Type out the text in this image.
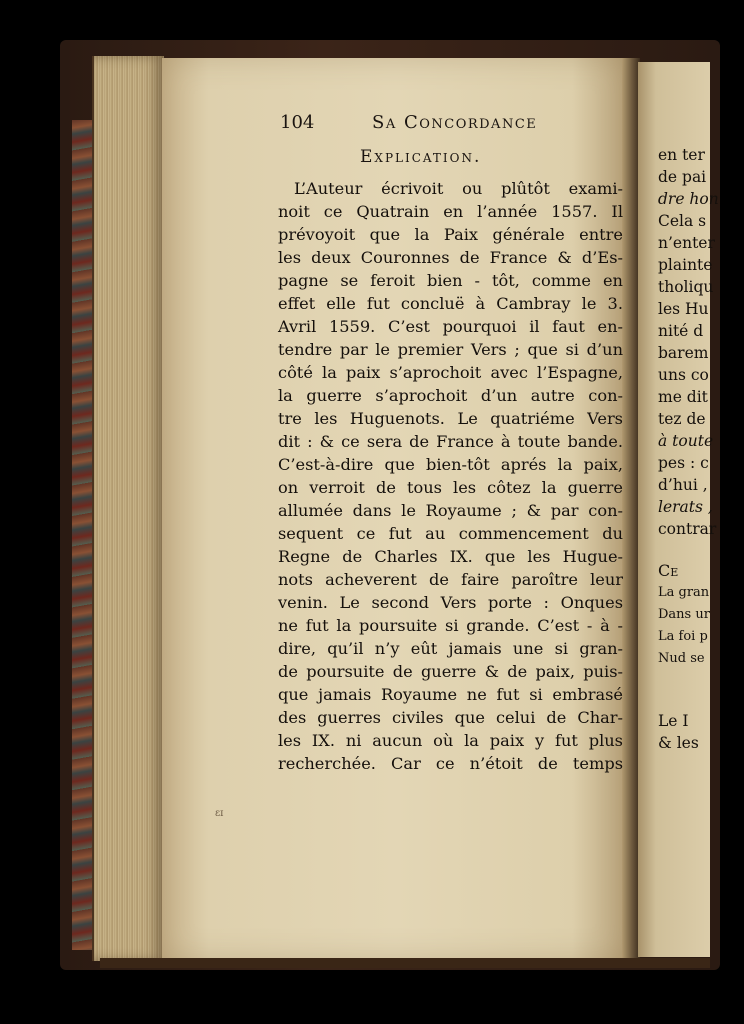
en ter
de pai
dre hon
Cela s
n’enter
plainte
tholiqu
les Hu
nité d
barem
uns co
me dit
tez de
à toute
pes : c
d’hui ,
lerats ,
contrar
Ce
La gran
Dans ur
La foi p
Nud se
Le I
& les
104	Sa Concordance
Explication.
L’Auteur écrivoit ou plûtôt exami-
noit ce Quatrain en l’année 1557. Il
prévoyoit que la Paix générale entre
les deux Couronnes de France & d’Es-
pagne se feroit bien - tôt, comme en
effet elle fut concluë à Cambray le 3.
Avril 1559. C’est pourquoi il faut en-
tendre par le premier Vers ; que si d’un
côté la paix s’aprochoit avec l’Espagne,
la guerre s’aprochoit d’un autre con-
tre les Huguenots. Le quatriéme Vers
dit : & ce sera de France à toute bande.
C’est-à-dire que bien-tôt aprés la paix,
on verroit de tous les côtez la guerre
allumée dans le Royaume ; & par con-
sequent ce fut au commencement du
Regne de Charles IX. que les Hugue-
nots acheverent de faire paroître leur
venin. Le second Vers porte : Onques
ne fut la poursuite si grande. C’est - à -
dire, qu’il n’y eût jamais une si gran-
de poursuite de guerre & de paix, puis-
que jamais Royaume ne fut si embrasé
des guerres civiles que celui de Char-
les IX. ni aucun où la paix y fut plus
recherchée. Car ce n’étoit de temps
ɛɪ
